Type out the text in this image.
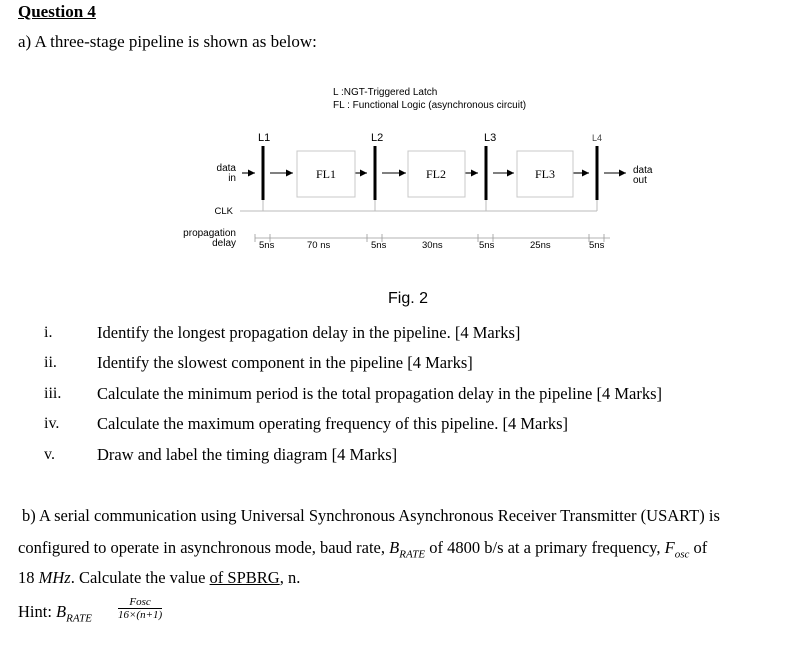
Question 4
a) A three-stage pipeline is shown as below:
L :NGT-Triggered Latch
FL : Functional Logic (asynchronous circuit)
L1	L2	L3	L4
data
in
data
out
CLK
propagation
delay 5ns	70 ns	5ns	30ns	5ns	25ns	5ns
FL1	FL2	FL3
Fig. 2
i.	Identify the longest propagation delay in the pipeline. [4 Marks]
ii. Identify the slowest component in the pipeline [4 Marks]
iii. Calculate the minimum period is the total propagation delay in the pipeline [4 Marks]
iv. Calculate the maximum operating frequency of this pipeline. [4 Marks]
v.	Draw and label the timing diagram [4 Marks]
b) A serial communication using Universal Synchronous Asynchronous Receiver Transmitter (USART) is
configured to operate in asynchronous mode, baud rate, $B_{RATE}$ of 4800 b/s at a primary frequency, $F_{osc}$ of
18 MHz. Calculate the value of SPBRG, n.
Hint: $B_{RATE}$
Fosc
16×(n+1)
